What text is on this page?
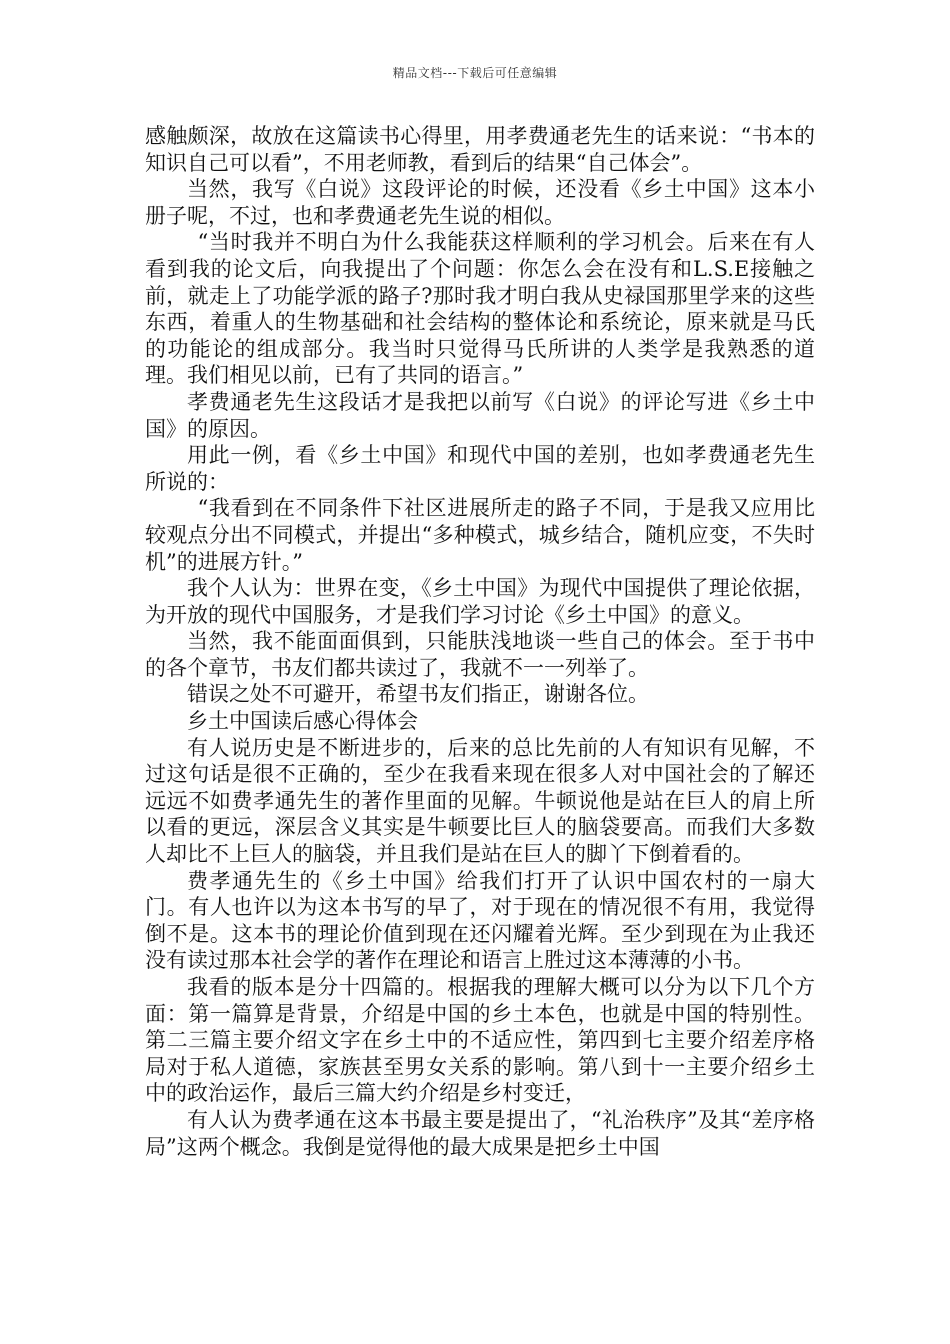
精品文档---下载后可任意编辑

感触颇深，故放在这篇读书心得里，用孝费通老先生的话来说：“书本的知识自己可以看”，不用老师教，看到后的结果“自己体会”。

当然，我写《白说》这段评论的时候，还没看《乡土中国》这本小册子呢，不过，也和孝费通老先生说的相似。

“当时我并不明白为什么我能获这样顺利的学习机会。后来在有人看到我的论文后，向我提出了个问题：你怎么会在没有和L.S.E接触之前，就走上了功能学派的路子?那时我才明白我从史禄国那里学来的这些东西，着重人的生物基础和社会结构的整体论和系统论，原来就是马氏的功能论的组成部分。我当时只觉得马氏所讲的人类学是我熟悉的道理。我们相见以前，已有了共同的语言。”

孝费通老先生这段话才是我把以前写《白说》的评论写进《乡土中国》的原因。

用此一例，看《乡土中国》和现代中国的差别，也如孝费通老先生所说的：

“我看到在不同条件下社区进展所走的路子不同，于是我又应用比较观点分出不同模式，并提出“多种模式，城乡结合，随机应变，不失时机”的进展方针。”

我个人认为：世界在变，《乡土中国》为现代中国提供了理论依据，为开放的现代中国服务，才是我们学习讨论《乡土中国》的意义。

当然，我不能面面俱到，只能肤浅地谈一些自己的体会。至于书中的各个章节，书友们都共读过了，我就不一一列举了。

错误之处不可避开，希望书友们指正，谢谢各位。

乡土中国读后感心得体会

有人说历史是不断进步的，后来的总比先前的人有知识有见解，不过这句话是很不正确的，至少在我看来现在很多人对中国社会的了解还远远不如费孝通先生的著作里面的见解。牛顿说他是站在巨人的肩上所以看的更远，深层含义其实是牛顿要比巨人的脑袋要高。而我们大多数人却比不上巨人的脑袋，并且我们是站在巨人的脚丫下倒着看的。

费孝通先生的《乡土中国》给我们打开了认识中国农村的一扇大门。有人也许以为这本书写的早了，对于现在的情况很不有用，我觉得倒不是。这本书的理论价值到现在还闪耀着光辉。至少到现在为止我还没有读过那本社会学的著作在理论和语言上胜过这本薄薄的小书。

我看的版本是分十四篇的。根据我的理解大概可以分为以下几个方面：第一篇算是背景，介绍是中国的乡土本色，也就是中国的特别性。第二三篇主要介绍文字在乡土中的不适应性，第四到七主要介绍差序格局对于私人道德，家族甚至男女关系的影响。第八到十一主要介绍乡土中的政治运作，最后三篇大约介绍是乡村变迁，

有人认为费孝通在这本书最主要是提出了，“礼治秩序”及其“差序格局”这两个概念。我倒是觉得他的最大成果是把乡土中国
